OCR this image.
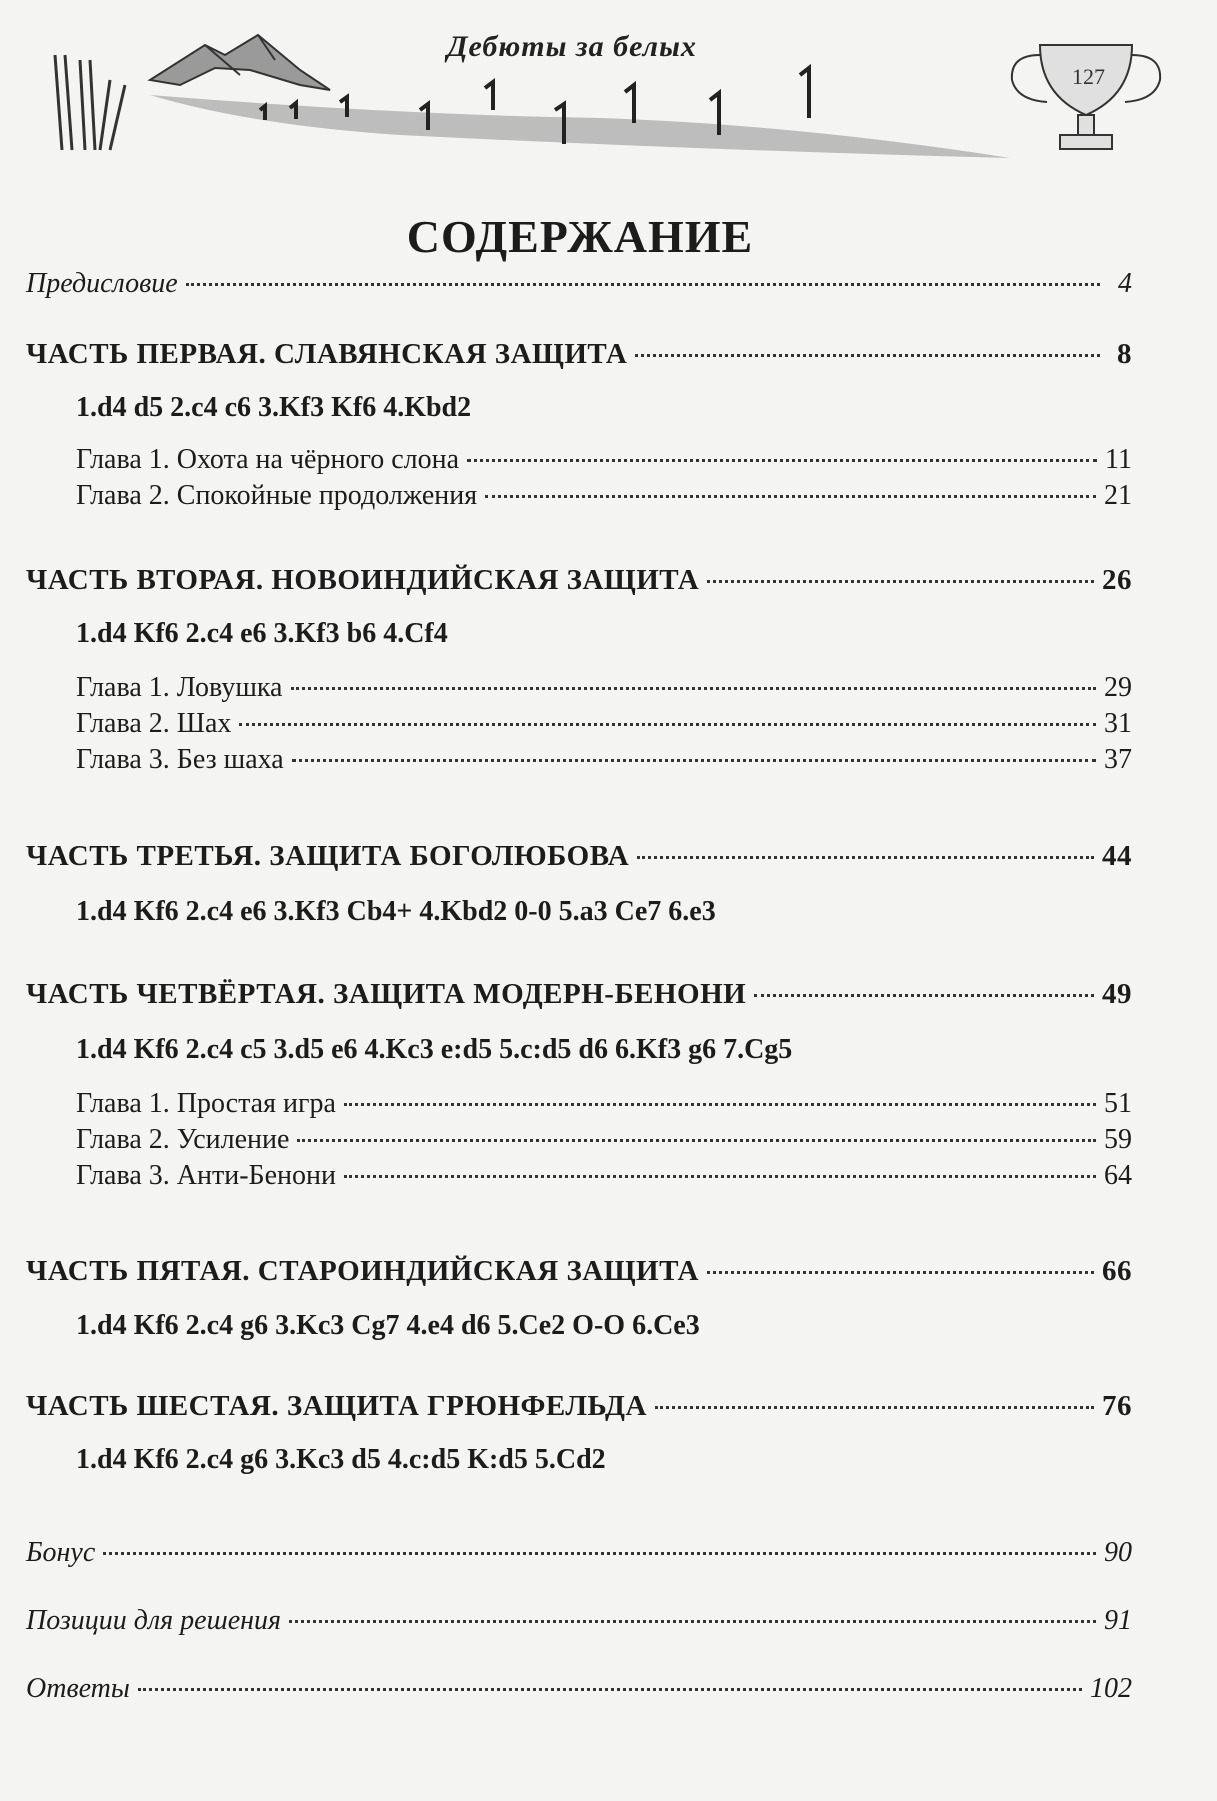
Дебюты за белых
127
СОДЕРЖАНИЕ
Предисловие	4
ЧАСТЬ ПЕРВАЯ. СЛАВЯНСКАЯ ЗАЩИТА	8
1.d4 d5 2.c4 c6 3.Kf3 Kf6 4.Kbd2
Глава 1. Охота на чёрного слона	11
Глава 2. Спокойные продолжения	21
ЧАСТЬ ВТОРАЯ. НОВОИНДИЙСКАЯ ЗАЩИТА	26
1.d4 Kf6 2.c4 e6 3.Kf3 b6 4.Cf4
Глава 1. Ловушка	29
Глава 2. Шах	31
Глава 3. Без шаха	37
ЧАСТЬ ТРЕТЬЯ. ЗАЩИТА БОГОЛЮБОВА	44
1.d4 Kf6 2.c4 e6 3.Kf3 Cb4+ 4.Kbd2 0-0 5.a3 Ce7 6.e3
ЧАСТЬ ЧЕТВЁРТАЯ. ЗАЩИТА МОДЕРН-БЕНОНИ	49
1.d4 Kf6 2.c4 c5 3.d5 e6 4.Kc3 e:d5 5.c:d5 d6 6.Kf3 g6 7.Cg5
Глава 1. Простая игра	51
Глава 2. Усиление	59
Глава 3. Анти-Бенони	64
ЧАСТЬ ПЯТАЯ. СТАРОИНДИЙСКАЯ ЗАЩИТА	66
1.d4 Kf6 2.c4 g6 3.Kc3 Cg7 4.e4 d6 5.Ce2 O-O 6.Ce3
ЧАСТЬ ШЕСТАЯ. ЗАЩИТА ГРЮНФЕЛЬДА	76
1.d4 Kf6 2.c4 g6 3.Kc3 d5 4.c:d5 K:d5 5.Cd2
Бонус	90
Позиции для решения	91
Ответы	102
